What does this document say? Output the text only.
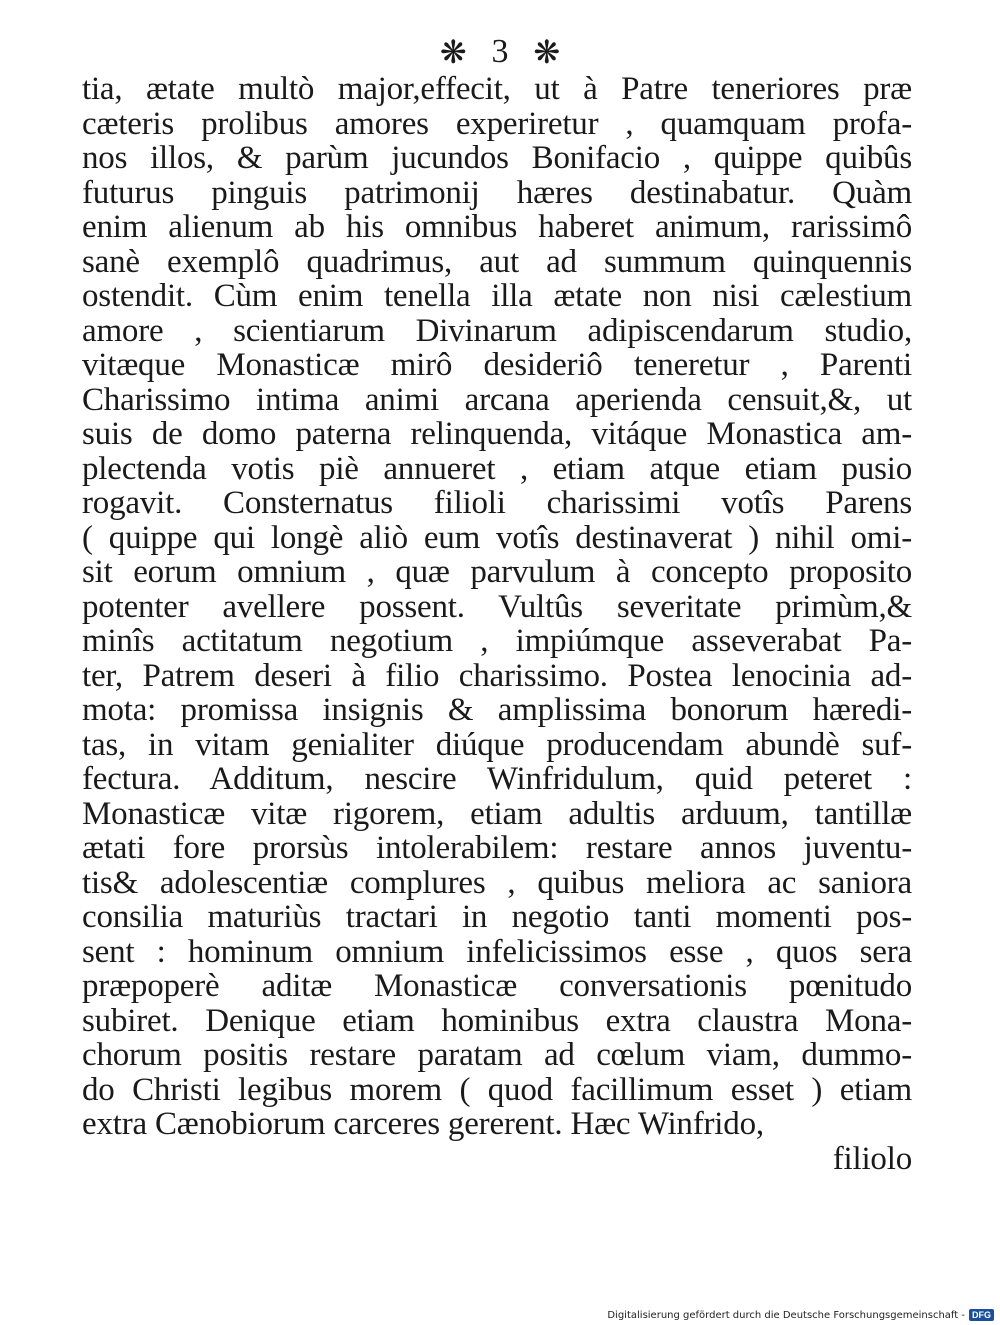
❋ 3 ❋
tia, ætate multò major,effecit, ut à Patre teneriores præ
cæteris prolibus amores experiretur , quamquam profa-
nos illos, & parùm jucundos Bonifacio , quippe quibûs
futurus pinguis patrimonij hæres destinabatur. Quàm
enim alienum ab his omnibus haberet animum, rarissimô
sanè exemplô quadrimus, aut ad summum quinquennis
ostendit. Cùm enim tenella illa ætate non nisi cælestium
amore , scientiarum Divinarum adipiscendarum studio,
vitæque Monasticæ mirô desideriô teneretur , Parenti
Charissimo intima animi arcana aperienda censuit,&, ut
suis de domo paterna relinquenda, vitáque Monastica am-
plectenda votis piè annueret , etiam atque etiam pusio
rogavit. Consternatus filioli charissimi votîs Parens
( quippe qui longè aliò eum votîs destinaverat ) nihil omi-
sit eorum omnium , quæ parvulum à concepto proposito
potenter avellere possent. Vultûs severitate primùm,&
minîs actitatum negotium , impiúmque asseverabat Pa-
ter, Patrem deseri à filio charissimo. Postea lenocinia ad-
mota: promissa insignis & amplissima bonorum hæredi-
tas, in vitam genialiter diúque producendam abundè suf-
fectura. Additum, nescire Winfridulum, quid peteret :
Monasticæ vitæ rigorem, etiam adultis arduum, tantillæ
ætati fore prorsùs intolerabilem: restare annos juventu-
tis& adolescentiæ complures , quibus meliora ac saniora
consilia maturiùs tractari in negotio tanti momenti pos-
sent : hominum omnium infelicissimos esse , quos sera
præpoperè aditæ Monasticæ conversationis pœnitudo
subiret. Denique etiam hominibus extra claustra Mona-
chorum positis restare paratam ad cœlum viam, dummo-
do Christi legibus morem ( quod facillimum esset ) etiam
extra Cænobiorum carceres gererent. Hæc Winfrido,
filiolo
Digitalisierung gefördert durch die Deutsche Forschungsgemeinschaft - DFG
